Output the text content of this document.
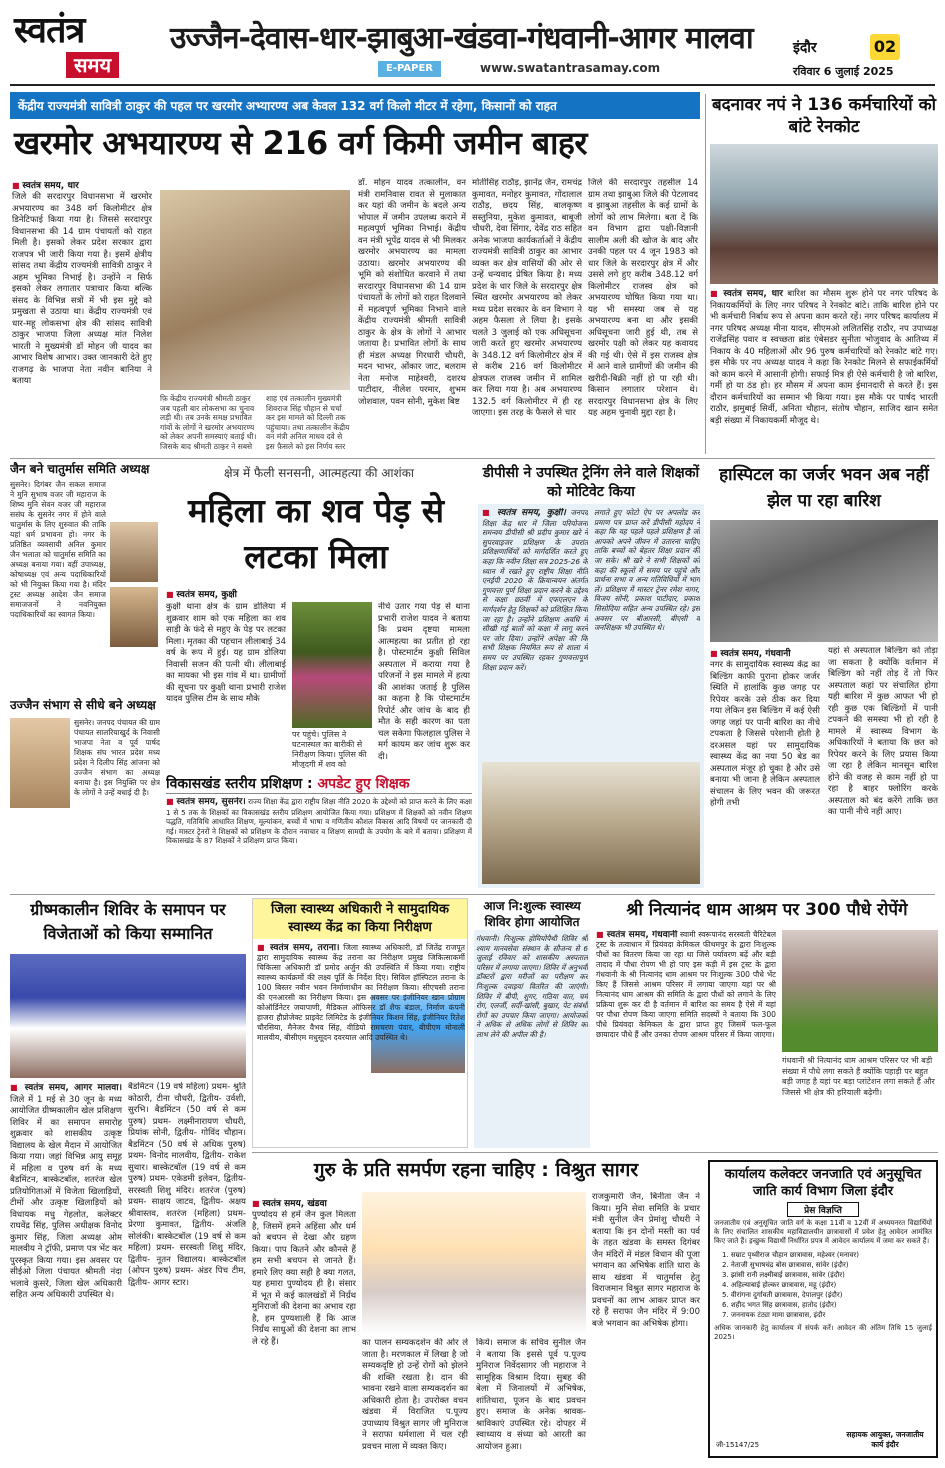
स्वतंत्र
समय
उज्जैन-देवास-धार-झाबुआ-खंडवा-गंधवानी-आगर मालवा
E-PAPER	www.swatantrasamay.com
इंदौर	02
रविवार 6 जुलाई 2025
केंद्रीय राज्यमंत्री सावित्री ठाकुर की पहल पर खरमोर अभ्यारण्य अब केवल 132 वर्ग किलो मीटर में रहेगा, किसानों को राहत
खरमोर अभयारण्य से 216 वर्ग किमी जमीन बाहर
■ स्वतंत्र समय, धार
जिले की सरदारपुर विधानसभा में खरमोर अभयारण्य का 348 वर्ग किलोमीटर क्षेत्र डिनेटिफाई किया गया है। जिससे सरदारपुर विधानसभा की 14 ग्राम पंचायतों को राहत मिली है। इसको लेकर प्रदेश सरकार द्वारा राजपत्र भी जारी किया गया है। इसमें क्षेत्रीय सांसद तथा केंद्रीय राज्यमंत्री सावित्री ठाकुर ने अहम भूमिका निभाई है। उन्होंने न सिर्फ इसको लेकर लगातार पत्राचार किया बल्कि संसद के विभिन्न सत्रों में भी इस मुद्दे को प्रमुखता से उठाया था। केंद्रीय राज्यमंत्री एवं धार-महू लोकसभा क्षेत्र की सांसद सावित्री ठाकुर भाजपा जिला अध्यक्ष मांत निलेश भारती ने मुख्यमंत्री डॉ मोहन जी यादव का आभार विशेष आभार। उक्त जानकारी देते हुए राजगढ़ के भाजपा नेता नवीन बानिया ने बताया
फ़ि केंद्रीय राज्यमंत्री श्रीमती ठाकुर जब पहली बार लोकसभा का चुनाव लड़ी थी। तब उनके समक्ष प्रभावित गांवों के लोगों ने खरमोर अभयारण्य को लेकर अपनी समस्याएं बताई थी। जिसके बाद श्रीमती ठाकुर ने सबसे
शाह एवं तत्कालीन मुख्यमंत्री शिवराज सिंह चौहान से चर्चा कर इस मामले को दिल्ली तक पहुंचाया। तथा तत्कालीन केंद्रीय वन मंत्री अनिल माधव दवे से इस फ़ैसले को इस निर्णय स्तर
डॉ. मोहन यादव तत्कालीन, वन मंत्री रामनिवास रावत से मुलाकात कर यहां की जमीन के बदले अन्य भोपाल में जमीन उपलब्ध कराने में महत्वपूर्ण भूमिका निभाई। केंद्रीय वन मंत्री भूपेंद्र यादव से भी मिलकर खरमोर अभयारण्य का मामला उठाया। खरमोर अभयारण्य की भूमि को संशोधित करवाने में तथा सरदारपुर विधानसभा की 14 ग्राम पंचायतों के लोगों को राहत दिलवाने में महत्वपूर्ण भूमिका निभाने वाले केंद्रीय राज्यमंत्री श्रीमती सावित्री ठाकुर के क्षेत्र के लोगों ने आभार जताया है। प्रभावित लोगों के साथ ही मंडल अध्यक्ष गिरधारी चौधरी, मदन भाभर, ओंकार जाट, बलराम नेता मनोज माहेश्वरी, दशरथ पाटीदार, नीलेश परमार, शुभम जोशवाल, पवन सोनी, मुकेश बिष्ट
मोतीसिंह राठौड़, झानेंद्र जैन, रामचंद्र कुमावत, मनोहर कुमावत, गोंदालाल राठौड़, छदय सिंह, बालकृष्ण सस्तुनिया, मुकेश कुमावत, बाबूजी चौधरी, देवा सिंगार, देवेंद्र राठ सहित अनेक भाजपा कार्यकर्ताओं ने केंद्रीय राज्यमंत्री सावित्री ठाकुर का आभार व्यक्त कर क्षेत्र वासियों की ओर से उन्हें धन्यवाद प्रेषित किया है। मध्य प्रदेश के धार जिले के सरदारपुर क्षेत्र स्थित खरमोर अभयारण्य को लेकर मध्य प्रदेश सरकार के वन विभाग ने अहम फैसला ले लिया है। इसके चलते 3 जुलाई को एक अधिसूचना जारी करते हुए खरमोर अभयारण्य के 348.12 वर्ग किलोमीटर क्षेत्र में से करीब 216 वर्ग किलोमीटर क्षेत्रफल राजस्व जमीन में शामिल कर लिया गया है। अब अभयारण्य 132.5 वर्ग किलोमीटर में ही रह जाएगा। इस तरह के फैसले से चार
जिले की सरदारपुर तहसील 14 ग्राम तथा झाबुआ जिले की पेटलावद व झाबुआ तहसील के कई ग्रामों के लोगों को लाभ मिलेगा। बता दें कि वन विभाग द्वारा पक्षी-विज्ञानी सालीम अली की खोज के बाद और उनकी पहल पर 4 जून 1983 को धार जिले के सरदारपुर क्षेत्र में और उससे लगे हुए करीब 348.12 वर्ग किलोमीटर राजस्व क्षेत्र को अभयारण्य घोषित किया गया था। यह भी समस्या जब से यह अभयारण्य बना था और इसकी अधिसूचना जारी हुई थी, तब से खरमोर पक्षी को लेकर यह कवायद की गई थी। ऐसे में इस राजस्व क्षेत्र में आने वाले ग्रामीणों की जमीन की खरीदी-बिक्री नहीं हो पा रही थी। किसान लगातार परेशान थे। सरदारपुर विधानसभा क्षेत्र के लिए यह अहम चुनावी मुद्दा रहा है।
बदनावर नपं ने 136 कर्मचारियों को बांटे रेनकोट
■ स्वतंत्र समय, धार बारिश का मौसम शुरू होने पर नगर परिषद के निकायकर्मियों के लिए नगर परिषद ने रेनकोट बांटे। ताकि बारिश होने पर भी कर्मचारी निर्बाध रूप से अपना काम करते रहें। नगर परिषद कार्यालय में नगर परिषद अध्यक्ष मीना यादव, सीएमओ ललितसिंह राठौर, नप उपाध्यक्ष राजेंद्रसिंह पवार व स्वच्छता ब्रांड एंबेसडर सुनीता भोजुवाद के आतिथ्य में निकाय के 40 महिलाओं और 96 पुरुष कर्मचारियों को रेनकोट बांटे गए। इस मौके पर नप अध्यक्ष यादव ने कहा कि रेनकोट मिलने से सफाईकर्मियों को काम करने में आसानी होगी। सफाई मित्र ही ऐसे कर्मचारी है जो बारिश, गर्मी हो या ठंड हो। हर मौसम में अपना काम ईमानदारी से करते हैं। इस दौरान कर्मचारियों का सम्मान भी किया गया। इस मौके पर पार्षद भारती राठौर, झमुबाई सिर्वी, अनिता चौहान, संतोष चौहान, साजिद खान समेत बड़ी संख्या में निकायकर्मी मौजूद थे।
जैन बने चातुर्मास समिति अध्यक्ष
सुसनेर। दिगंबर जैन सकल समाज ने मुनि सुभाष वजर जी महाराज के शिष्य मुनि सेवन वजर जी महाराज ससंघ के सुसनेर नगर में होने वाले चातुर्मास के लिए शुरुवात की ताकि यहां धर्म प्रभावना हो। नगर के प्रतिष्ठित व्यवसायी अनिल कुमार जैन भलाता को चातुर्मास समिति का अध्यक्ष बनाया गया। वहीं उपाध्यक्ष, कोषाध्यक्ष एवं अन्य पदाधिकारियों को भी नियुक्त किया गया है। मंदिर ट्रस्ट अध्यक्ष आदेश जैन समाज समाजजनों ने नवनियुक्त पदाधिकारियों का स्वागत किया।
उज्जैन संभाग से सीधे बने अध्यक्ष
सुसनेर। जनपद पंचायत की ग्राम पंचायत सालरियाखुर्द के निवासी भाजपा नेता व पूर्व पार्षद शिक्षक संघ भारत प्रदेश मध्य प्रदेश ने दिलीप सिंह आंजना को उज्जैन संभाग का अध्यक्ष बनाया है। इस नियुक्ति पर क्षेत्र के लोगों ने उन्हें बधाई दी है।
क्षेत्र में फैली सनसनी, आत्महत्या की आशंका
महिला का शव पेड़ से लटका मिला
■ स्वतंत्र समय, कुक्षी
कुक्षी थाना क्षेत्र के ग्राम डोलिया में शुक्रवार शाम को एक महिला का शव साड़ी के फंदे से महुए के पेड़ पर लटका मिला। मृतका की पहचान लीलाबाई 34 वर्ष के रूप में हुई। यह ग्राम डोलिया निवासी सजन की पत्नी थी। लीलाबाई का मायका भी इस गांव में था। ग्रामीणों की सूचना पर कुक्षी थाना प्रभारी राजेश यादव पुलिस टीम के साथ मौके
पर पहुंचे। पुलिस ने घटनास्थल का बारीकी से निरीक्षण किया। पुलिस की मौजूदगी में शव को
नीचे उतार गया पेड़ से थाना प्रभारी राजेश यादव ने बताया कि प्रथम दृष्टया मामला आत्महत्या का प्रतीत हो रहा है। पोस्टमार्टम कुक्षी सिविल अस्पताल में कराया गया है परिजनों ने इस मामले में हत्या की आशंका जताई है पुलिस का कहना है कि पोस्टमार्टम रिपोर्ट और जांच के बाद ही मौत के सही कारण का पता चल सकेगा फिलहाल पुलिस ने मर्ग कायम कर जांच शुरू कर दी।
विकासखंड स्तरीय प्रशिक्षण : अपडेट हुए शिक्षक
■ स्वतंत्र समय, सुसनेर। राज्य शिक्षा केंद्र द्वारा राष्ट्रीय शिक्षा नीति 2020 के उद्देश्यों को प्राप्त करने के लिए कक्षा 1 से 5 तक के शिक्षकों का विकासखंड स्तरीय प्रशिक्षण आयोजित किया गया। प्रशिक्षण में शिक्षकों को नवीन शिक्षण पद्धति, गतिविधि आधारित शिक्षण, मूल्यांकन, बच्चों में भाषा व गणितीय कौशल विकास आदि विषयों पर जानकारी दी गई। मास्टर ट्रेनरों ने शिक्षकों को प्रशिक्षण के दौरान नवाचार व शिक्षण सामग्री के उपयोग के बारे में बताया। प्रशिक्षण में विकासखंड के 87 शिक्षकों ने प्रशिक्षण प्राप्त किया।
डीपीसी ने उपस्थित ट्रेनिंग लेने वाले शिक्षकों को मोटिवेट किया
■ स्वतंत्र समय, कुक्षी। जनपद शिक्षा केंद्र धार में जिला परियोजना समन्वय डीपीसी श्री प्रदीप कुमार खरे ने सुपरवाइजर प्रशिक्षण के उपरांत प्रशिक्षणार्थियों को मार्गदर्शित करते हुए कहा कि नवीन शिक्षा सत्र 2025-26 के ध्यान में रखते हुए राष्ट्रीय शिक्षा नीति एनईपी 2020 के क्रियान्वयन अंतर्गत गुणवत्ता पूर्ण शिक्षा प्रदान करने के उद्देश्य से कक्षा छठवीं में एफएलएन के मार्गदर्शन हेतु शिक्षकों को प्रशिक्षित किया जा रहा है। उन्होंने प्रशिक्षण अवधि में सीखी गई बातों को कक्षा में लागू करने पर जोर दिया। उन्होंने अपेक्षा की कि सभी शिक्षक नियमित रूप से शाला में समय पर उपस्थित रहकर गुणवत्तापूर्ण शिक्षा प्रदान करें।
लगाते हुए फोटो ऐप पर अपलोड कर प्रमाण पत्र प्राप्त करें डीपीसी महोदय ने कहा कि यह पहले पहले प्रशिक्षण है जो आपको अपने जीवन में उतारना चाहिए ताकि बच्चों को बेहतर शिक्षा प्रदान की जा सके। श्री खरे ने सभी शिक्षकों को कहा की स्कूलों में समय पर पहुंचे और प्रार्थना सभा व अन्य गतिविधियों में भाग लें। प्रशिक्षण में मास्टर ट्रेनर रमेश नागर, विजय सोनी, प्रकाश पाटीदार, प्रकाश सिसोदिया सहित अन्य उपस्थित रहे। इस अवसर पर बीआरसी, बीएसी व जनशिक्षक भी उपस्थित थे।
हास्पिटल का जर्जर भवन अब नहीं झेल पा रहा बारिश
■ स्वतंत्र समय, गंधवानी
नगर के सामुदायिक स्वास्थ्य केंद्र का बिल्डिंग काफी पुराना होकर जर्जर स्थिति में हालांकि कुछ जगह पर रिपेयर करके उसे ठीक कर दिया गया लेकिन इस बिल्डिंग में कई ऐसी जगह जहां पर पानी बारिश का नीचे टपकता है जिससे परेशानी होती है दरअसल यहां पर सामुदायिक स्वास्थ्य केंद्र का नया 50 बेड का अस्पताल मंजूर हो चुका है और उसे बनाया भी जाना है लेकिन अस्पताल संचालन के लिए भवन की जरूरत होगी तभी
यहां से अस्पताल बिल्डिंग को तोड़ा जा सकता है क्योंकि वर्तमान में बिल्डिंग को नहीं तोड़ दें तो फिर अस्पताल कहां पर संचालित होगा यही बारिश में कुछ आफत भी हो रही कुछ एक बिल्डिंगों में पानी टपकने की समस्या भी हो रही है मामले में स्वास्थ्य विभाग के अधिकारियों ने बताया कि छत को रिपेयर करने के लिए प्रयास किया जा रहा है लेकिन मानसून बारिश होने की वजह से काम नहीं हो पा रहा है बाहर फ्लोरिंग करके अस्पताल को बंद करेंगे ताकि छत का पानी नीचे नहीं आए।
ग्रीष्मकालीन शिविर के समापन पर विजेताओं को किया सम्मानित
■ स्वतंत्र समय, आगर मालवा। जिले में 1 मई से 30 जून के मध्य आयोजित ग्रीष्मकालीन खेल प्रशिक्षण शिविर में का समापन समारोह शुक्रवार को शासकीय उत्कृष्ट विद्यालय के खेल मैदान में आयोजित किया गया। जहां विभिन्न आयु समूह में महिला व पुरुष वर्ग के मध्य बैडमिंटन, बास्केटबॉल, शतरंज खेल प्रतियोगिताओं में विजेता खिलाड़ियों, टीमों और उत्कृष्ट खिलाड़ियों को विधायक मधु गेहलोत, कलेक्टर राघवेंद्र सिंह, पुलिस अधीक्षक विनोद कुमार सिंह, जिला अध्यक्ष ओम मालवीय ने ट्रॉफी, प्रमाण पत्र भेंट कर पुरस्कृत किया गया। इस अवसर पर सीईओ जिला पंचायत श्रीमती नंदा भलावे कुसरे, जिला खेल अधिकारी सहित अन्य अधिकारी उपस्थित थे।
बैडमिंटन (19 वर्ष महिला) प्रथम- श्रुति कोठारी, टीना चौधरी, द्वितीय- उर्वशी, सुरभि। बैडमिंटन (50 वर्ष से कम पुरुष) प्रथम- लक्ष्मीनारायण चौधरी, प्रियांक सोनी, द्वितीय- गोविंद चौहान। बैडमिंटन (50 वर्ष से अधिक पुरुष) प्रथम- विनोद मालवीय, द्वितीय- राकेश सुथार। बास्केटबॉल (19 वर्ष से कम पुरुष) प्रथम- एकेडमी इलेवन, द्वितीय- सरस्वती शिशु मंदिर। शतरंज (पुरुष) प्रथम- साक्षय जाटव, द्वितीय- अक्षय श्रीवास्तव, शतरंज (महिला) प्रथम- प्रेरणा कुमावत, द्वितीय- अंजलि सोलंकी। बास्केटबॉल (19 वर्ष से कम महिला) प्रथम- सरस्वती शिशु मंदिर, द्वितीय- नूतन विद्यालय। बास्केटबॉल (ओपन पुरुष) प्रथम- अंडर पिच टीम, द्वितीय- आगर स्टार।
जिला स्वास्थ्य अधिकारी ने सामुदायिक स्वास्थ्य केंद्र का किया निरीक्षण
■ स्वतंत्र समय, तराना। जिला स्वास्थ्य अधिकारी, डॉ जितेंद्र राजपूत द्वारा सामुदायिक स्वास्थ्य केंद्र तराना का निरीक्षण प्रमुख जिकित्साकर्मी चिकित्सा अधिकारी डॉ प्रमोद अर्जुन की उपस्थिति में किया गया। राष्ट्रीय स्वास्थ्य कार्यक्रमों की लक्ष्य पूर्ति के निर्देश दिए। सिविल हॉस्पिटल तराना के 100 बिस्तर नवीन भवन निर्माणाधीन का निरीक्षण किया। सीएचसी तराना की एनआरसी का निरीक्षण किया। इस अवसर पर इंजीनियर खान प्रोग्राम कोऑर्डिनेटर जयापाणी, मैडिकल ऑफिसर डॉ शैफ बंडाल, निर्माण कंपनी हाजरा हौप्रोजेक्ट प्राइवेट लिमिटेड के इंजीनियर किशन सिंह, इंजीनियर रितेश चौरसिया, मैनेजर वैभव सिंह, वीडियो रामचरण पंवार, बीपीएम मोनाली मालवीय, बीसीएम मधुसूदन दवरयाल आदि उपस्थित थे।
आज नि:शुल्क स्वास्थ्य शिविर होगा आयोजित
गंधवानी। निःशुल्क होमियोपैथी शिविर श्री श्याम मानवसेवा संस्थान के सौजन्य से 6 जुलाई रविवार को शासकीय अस्पताल परिसर में लगाया जाएगा। शिविर में अनुभवी डॉक्टरों द्वारा मरीजों का परीक्षण कर निःशुल्क दवाइयां वितरित की जाएंगी। शिविर में बीपी, शुगर, गठिया वात, चर्म रोग, एलर्जी, सर्दी-खांसी, बुखार, पेट संबंधी रोगों का उपचार किया जाएगा। आयोजकों ने अधिक से अधिक लोगों से शिविर का लाभ लेने की अपील की है।
श्री नित्यानंद धाम आश्रम पर 300 पौधे रोपेंगे
■ स्वतंत्र समय, गंधवानी स्वामी स्वरूपानंद सरस्वती चैरिटेबल ट्रस्ट के तत्वाधान में प्रियंवदा केमिकल फीथमपुर के द्वारा निःशुल्क पौधों का वितरण किया जा रहा था जिसे पर्यावरण बढ़ें और बड़ी तादाद में पौधा रोपण भी हो पाए इस कड़ी में इस ट्रस्ट के द्वारा गंधवानी के श्री नित्यानंद धाम आश्रम पर निःशुल्क 300 पौधे भेंट किए हैं जिससे आश्रम परिसर में लगाया जाएगा यहां पर श्री नित्यानंद धाम आश्रम की समिति के द्वारा पौधों को लगाने के लिए प्रक्रिया शुरू कर दी है वर्तमान में बारिश का समय है ऐसे में यहां पर पौधा रोपण किया जाएगा समिति सदस्यों ने बताया कि 300 पौधे प्रियंवदा केमिकल के द्वारा प्राप्त हुए जिसमें फल-फूल छायादार पौधे हैं और उनका रोपण आश्रम परिसर में किया जाएगा।
गंधवानी श्री नित्यानंद धाम आश्रम परिसर पर भी बड़ी संख्या में पौधे लगा सकते हैं क्योंकि पहाड़ी पर बहुत बड़ी जगह है यहां पर बड़ा प्लांटेशन लगा सकते हैं और जिससे भी क्षेत्र की हरियाली बढ़ेगी।
गुरु के प्रति समर्पण रहना चाहिए : विश्रुत सागर
■ स्वतंत्र समय, खंडवा
पुण्योदय से हमें जैन कुल मिलता है, जिसमें हमने अहिंसा और धर्म को बचपन से देखा और ग्रहण किया। पाप कितने और कौनसे हैं हम सभी बचपन से जानते हैं। हमारे लिए क्या सही है क्या गलत, यह हमारा पुण्योदय ही है। संसार में भूत में कई कालखंडों में निर्ग्रंथ मुनिराजों की देशना का अभाव रहा है, हम पुण्यशाली हैं कि आज निर्ग्रंथ साधुओं की देशना का लाभ ले रहे हैं।	का पालन सम्यकदर्शन की ओर ले जाता है। मरणकाल में लिखा है जो सम्यकदृष्टि हो उन्हें रोगों को झेलने की शक्ति रखता है। दान की भावना रखने वाला सम्यकदर्शन का अधिकारी होता है। उपरोक्त वचन खंडवा में विराजित प.पूज्य उपाध्याय विश्रुत सागर जी मुनिराज ने सराफा धर्मशाला में चल रही प्रवचन माला में व्यक्त किए।
किये। समाज के सचिव सुनील जैन ने बताया कि इससे पूर्व प.पूज्य मुनिराज निर्वेदसागर जी महाराज ने सामूहिक विश्राम दिया। सुबह की बेला में जिनालयों में अभिषेक, शांतिधारा, पूजन के बाद प्रवचन हुए। समाज के अनेक श्रावक-श्राविकाएं उपस्थित रहे। दोपहर में स्वाध्याय व संध्या को आरती का आयोजन हुआ।
राजकुमारी जैन, बिनीता जैन ने किया। मुनि सेवा समिति के प्रचार मंत्री सुनील जैन प्रेमांशु चौधरी ने बताया कि इन दोनों मस्ती का पर्व के तहत खंडवा के समस्त दिगंबर जैन मंदिरों में मंडल विधान की पूजा भगवान का अभिषेक शांति धारा के साथ खंडवा में चातुर्मास हेतु विराजमान विश्रुत सागर महाराज के प्रवचनों का लाभ आकर प्राप्त कर रहे हैं सराफा जैन मंदिर में 9:00 बजे भगवान का अभिषेक होगा।
कार्यालय कलेक्टर जनजाति एवं अनुसूचित जाति कार्य विभाग जिला इंदौर
प्रेस विज्ञप्ति
जनजातीय एवं अनुसूचित जाति वर्ग के कक्षा 11वीं व 12वीं में अध्ययनरत विद्यार्थियों के लिए संचालित शासकीय महाविद्यालयीन छात्रावासों में प्रवेश हेतु आवेदन आमंत्रित किए जाते हैं। इच्छुक विद्यार्थी निर्धारित प्रपत्र में आवेदन कार्यालय में जमा कर सकते हैं।
1. सम्राट पृथ्वीराज चौहान छात्रावास, महेश्वर (मनावर)
2. नेताजी सुभाषचंद्र बोस छात्रावास, सांवेर (इंदौर)
3. झांसी रानी लक्ष्मीबाई छात्रावास, सांवेर (इंदौर)
4. अहिल्याबाई होल्कर छात्रावास, महू (इंदौर)
5. वीरांगना दुर्गावती छात्रावास, देपालपुर (इंदौर)
6. शहीद भगत सिंह छात्रावास, हातोद (इंदौर)
7. जननायक टंट्या मामा छात्रावास, इंदौर
अधिक जानकारी हेतु कार्यालय में संपर्क करें। आवेदन की अंतिम तिथि 15 जुलाई 2025।
जी-15147/25
सहायक आयुक्त, जनजातीय कार्य इंदौर
